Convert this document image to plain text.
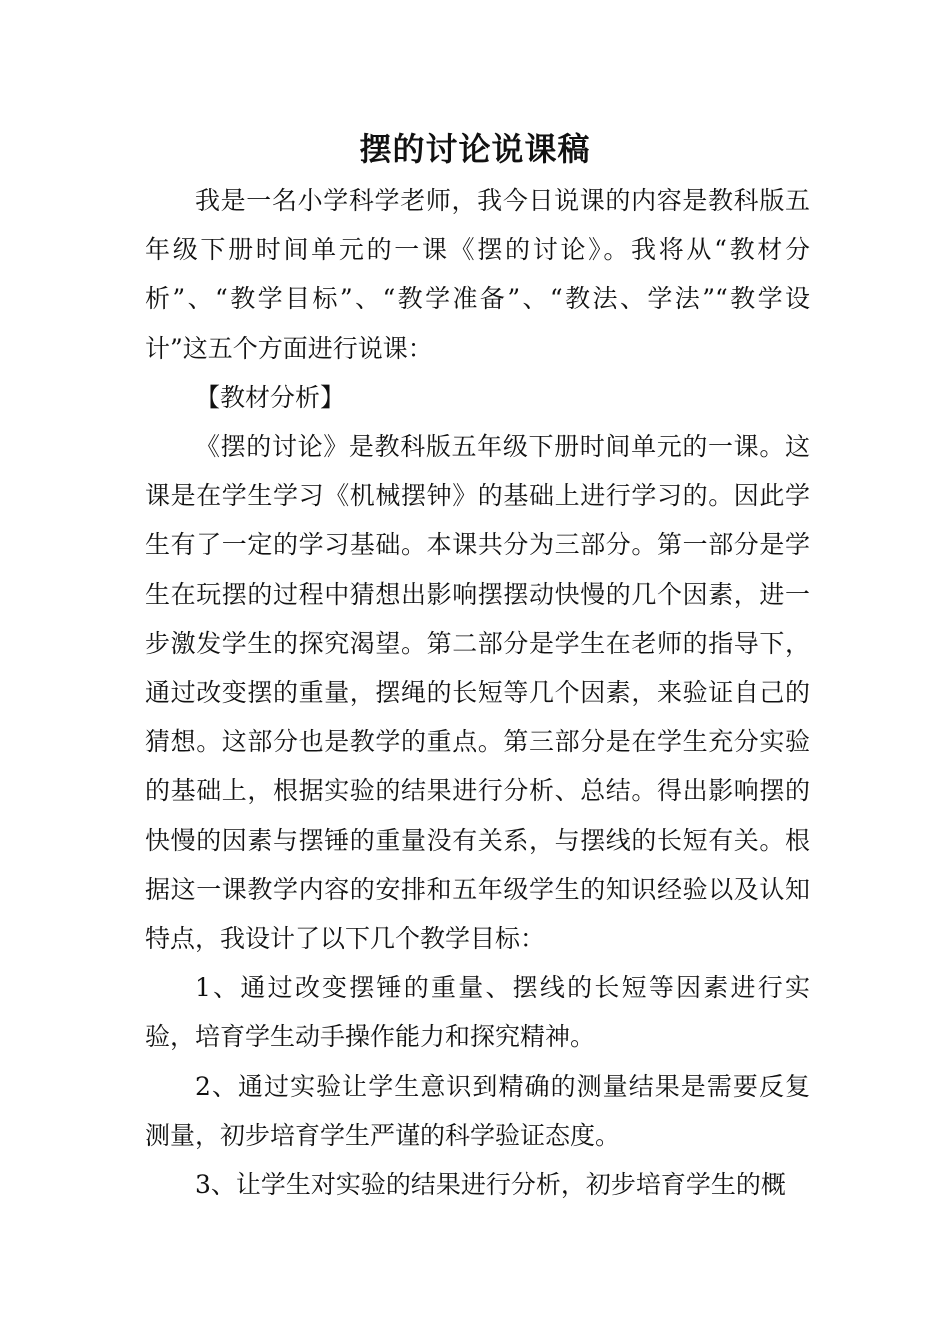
摆的讨论说课稿

我是一名小学科学老师，我今日说课的内容是教科版五年级下册时间单元的一课《摆的讨论》。我将从“教材分析”、“教学目标”、“教学准备”、“教法、学法”“教学设计”这五个方面进行说课：

【教材分析】

《摆的讨论》是教科版五年级下册时间单元的一课。这课是在学生学习《机械摆钟》的基础上进行学习的。因此学生有了一定的学习基础。本课共分为三部分。第一部分是学生在玩摆的过程中猜想出影响摆摆动快慢的几个因素，进一步激发学生的探究渴望。第二部分是学生在老师的指导下，通过改变摆的重量，摆绳的长短等几个因素，来验证自己的猜想。这部分也是教学的重点。第三部分是在学生充分实验的基础上，根据实验的结果进行分析、总结。得出影响摆的快慢的因素与摆锤的重量没有关系，与摆线的长短有关。根据这一课教学内容的安排和五年级学生的知识经验以及认知特点，我设计了以下几个教学目标：

1、通过改变摆锤的重量、摆线的长短等因素进行实验，培育学生动手操作能力和探究精神。

2、通过实验让学生意识到精确的测量结果是需要反复测量，初步培育学生严谨的科学验证态度。

3、让学生对实验的结果进行分析，初步培育学生的概
